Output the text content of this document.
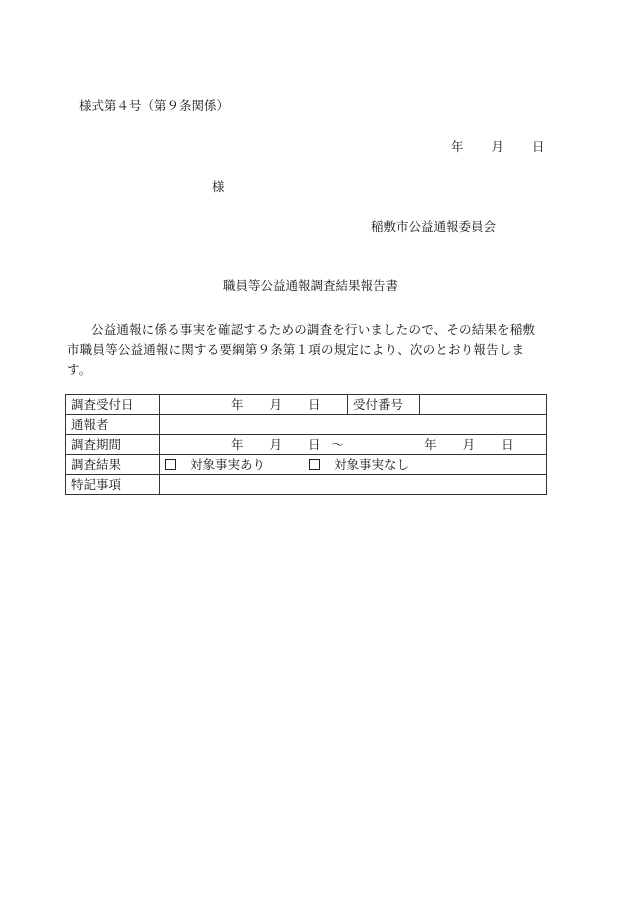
様式第４号（第９条関係）
年 月 日
様
稲敷市公益通報委員会
職員等公益通報調査結果報告書
公益通報に係る事実を確認するための調査を行いましたので、その結果を稲敷市職員等公益通報に関する要綱第９条第１項の規定により、次のとおり報告します。
調査受付日	年 月 日	受付番号	
通報者			
調査期間	年 月 日 ～ 年 月 日		
調査結果	対象事実あり 対象事実なし		
特記事項			
